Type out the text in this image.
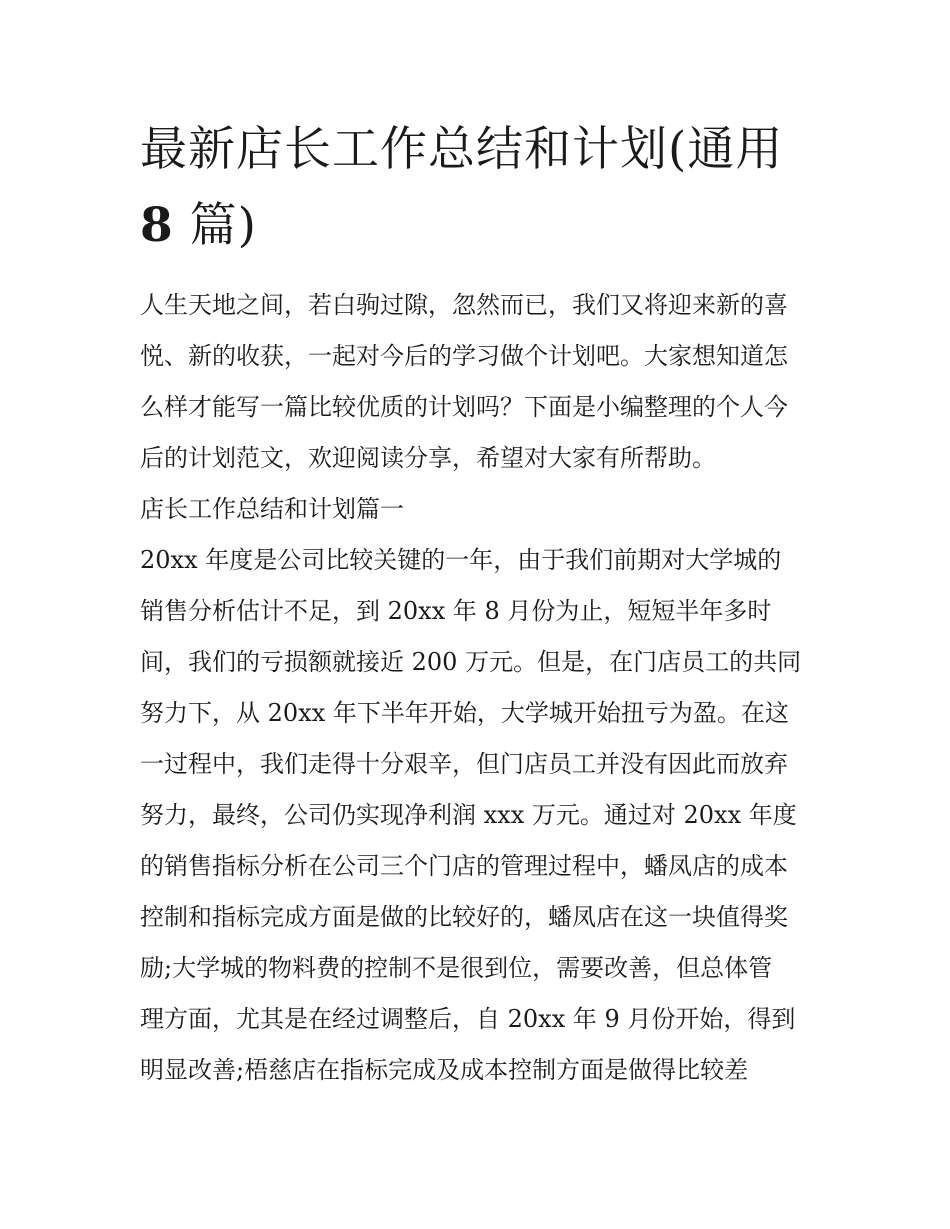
最新店长工作总结和计划(通用
8 篇)
人生天地之间，若白驹过隙，忽然而已，我们又将迎来新的喜
悦、新的收获，一起对今后的学习做个计划吧。大家想知道怎
么样才能写一篇比较优质的计划吗？下面是小编整理的个人今
后的计划范文，欢迎阅读分享，希望对大家有所帮助。
店长工作总结和计划篇一
20xx 年度是公司比较关键的一年，由于我们前期对大学城的
销售分析估计不足，到 20xx 年 8 月份为止，短短半年多时
间，我们的亏损额就接近 200 万元。但是，在门店员工的共同
努力下，从 20xx 年下半年开始，大学城开始扭亏为盈。在这
一过程中，我们走得十分艰辛，但门店员工并没有因此而放弃
努力，最终，公司仍实现净利润 xxx 万元。通过对 20xx 年度
的销售指标分析在公司三个门店的管理过程中，蟠凤店的成本
控制和指标完成方面是做的比较好的，蟠凤店在这一块值得奖
励;大学城的物料费的控制不是很到位，需要改善，但总体管
理方面，尤其是在经过调整后，自 20xx 年 9 月份开始，得到
明显改善;梧慈店在指标完成及成本控制方面是做得比较差
